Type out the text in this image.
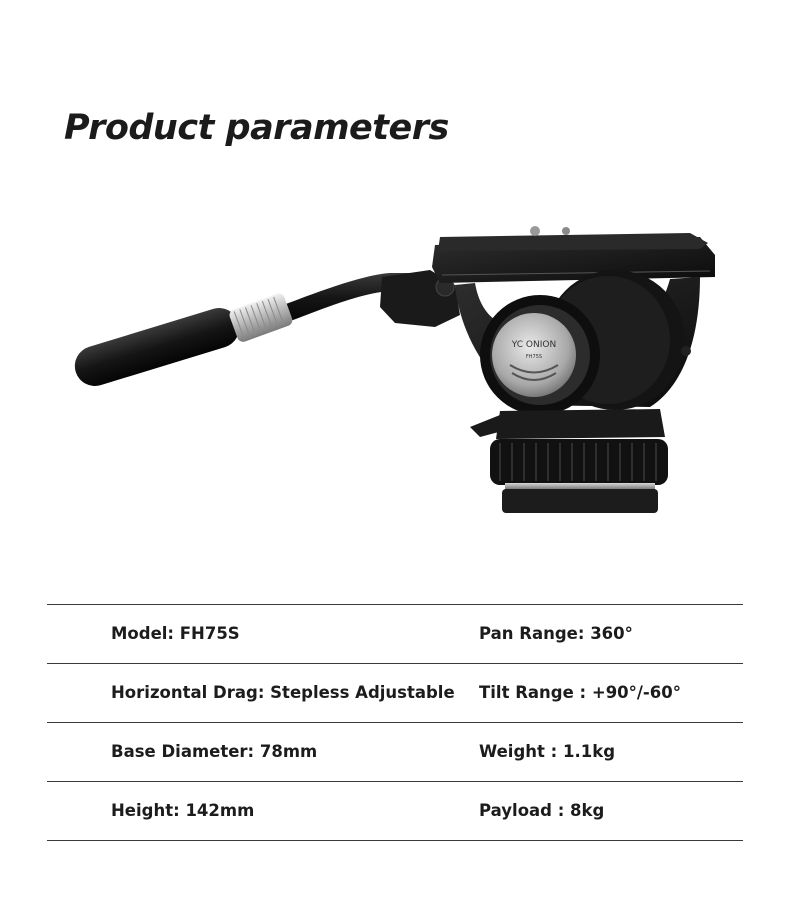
Product parameters
YC ONION
FH75S
Model: FH75S	Pan Range: 360°
Horizontal Drag: Stepless Adjustable Tilt Range : +90°/-60°
Base Diameter: 78mm	Weight : 1.1kg
Height: 142mm	Payload : 8kg
